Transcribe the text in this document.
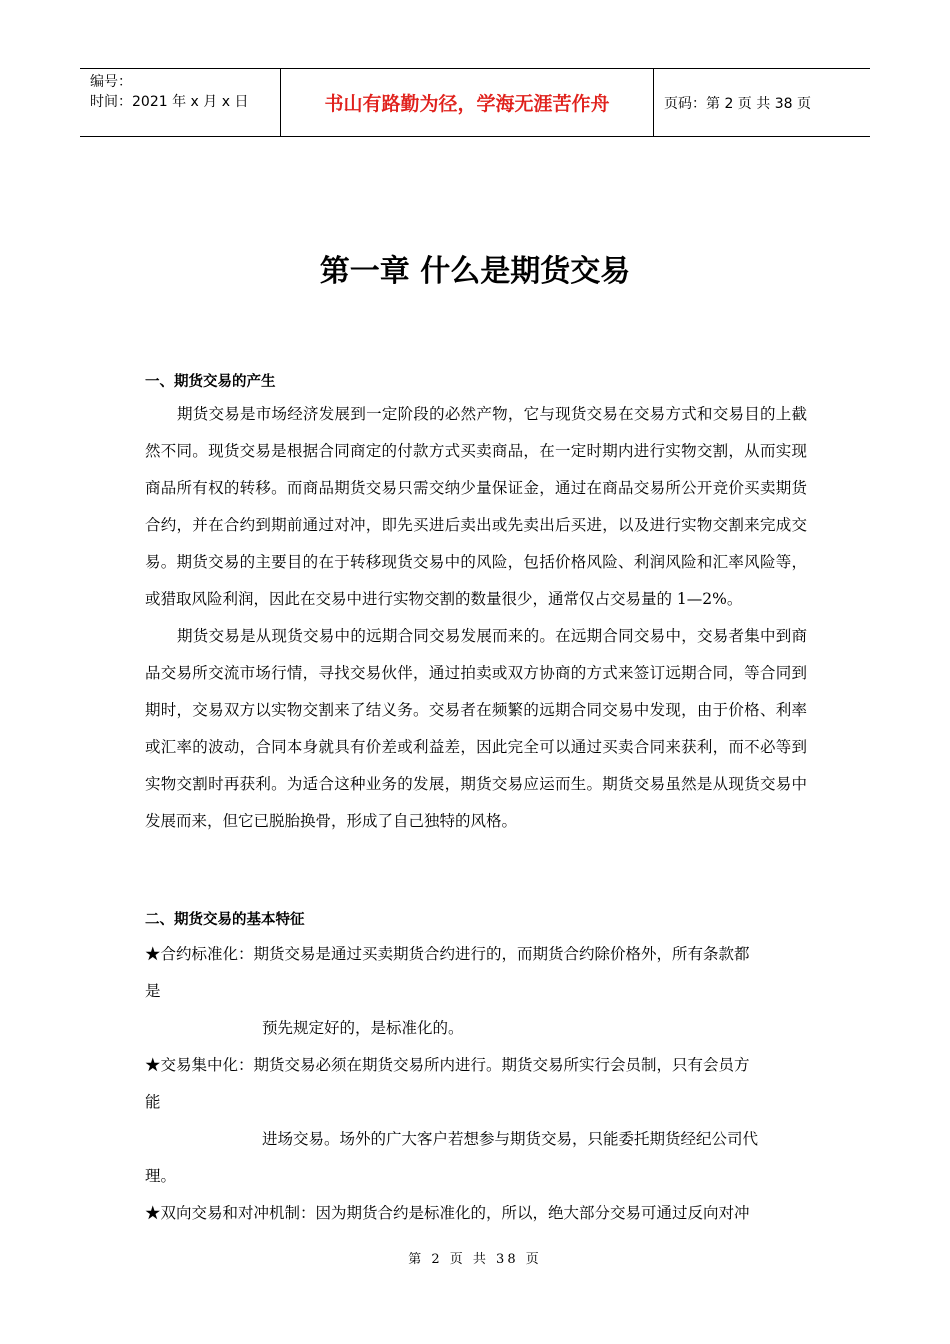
编号：
时间：2021 年 x 月 x 日	书山有路勤为径，学海无涯苦作舟	页码：第 2 页 共 38 页
第一章 什么是期货交易
一、期货交易的产生

期货交易是市场经济发展到一定阶段的必然产物，它与现货交易在交易方式和交易目的上截然不同。现货交易是根据合同商定的付款方式买卖商品，在一定时期内进行实物交割，从而实现商品所有权的转移。而商品期货交易只需交纳少量保证金，通过在商品交易所公开竞价买卖期货合约，并在合约到期前通过对冲，即先买进后卖出或先卖出后买进，以及进行实物交割来完成交易。期货交易的主要目的在于转移现货交易中的风险，包括价格风险、利润风险和汇率风险等，或猎取风险利润，因此在交易中进行实物交割的数量很少，通常仅占交易量的 1—2%。

期货交易是从现货交易中的远期合同交易发展而来的。在远期合同交易中，交易者集中到商品交易所交流市场行情，寻找交易伙伴，通过拍卖或双方协商的方式来签订远期合同，等合同到期时，交易双方以实物交割来了结义务。交易者在频繁的远期合同交易中发现，由于价格、利率或汇率的波动，合同本身就具有价差或利益差，因此完全可以通过买卖合同来获利，而不必等到实物交割时再获利。为适合这种业务的发展，期货交易应运而生。期货交易虽然是从现货交易中发展而来，但它已脱胎换骨，形成了自己独特的风格。

二、期货交易的基本特征

★合约标准化：期货交易是通过买卖期货合约进行的，而期货合约除价格外，所有条款都
是
预先规定好的，是标准化的。

★交易集中化：期货交易必须在期货交易所内进行。期货交易所实行会员制，只有会员方
能
进场交易。场外的广大客户若想参与期货交易，只能委托期货经纪公司代
理。

★双向交易和对冲机制：因为期货合约是标准化的，所以，绝大部分交易可通过反向对冲

第 2 页 共 38 页
